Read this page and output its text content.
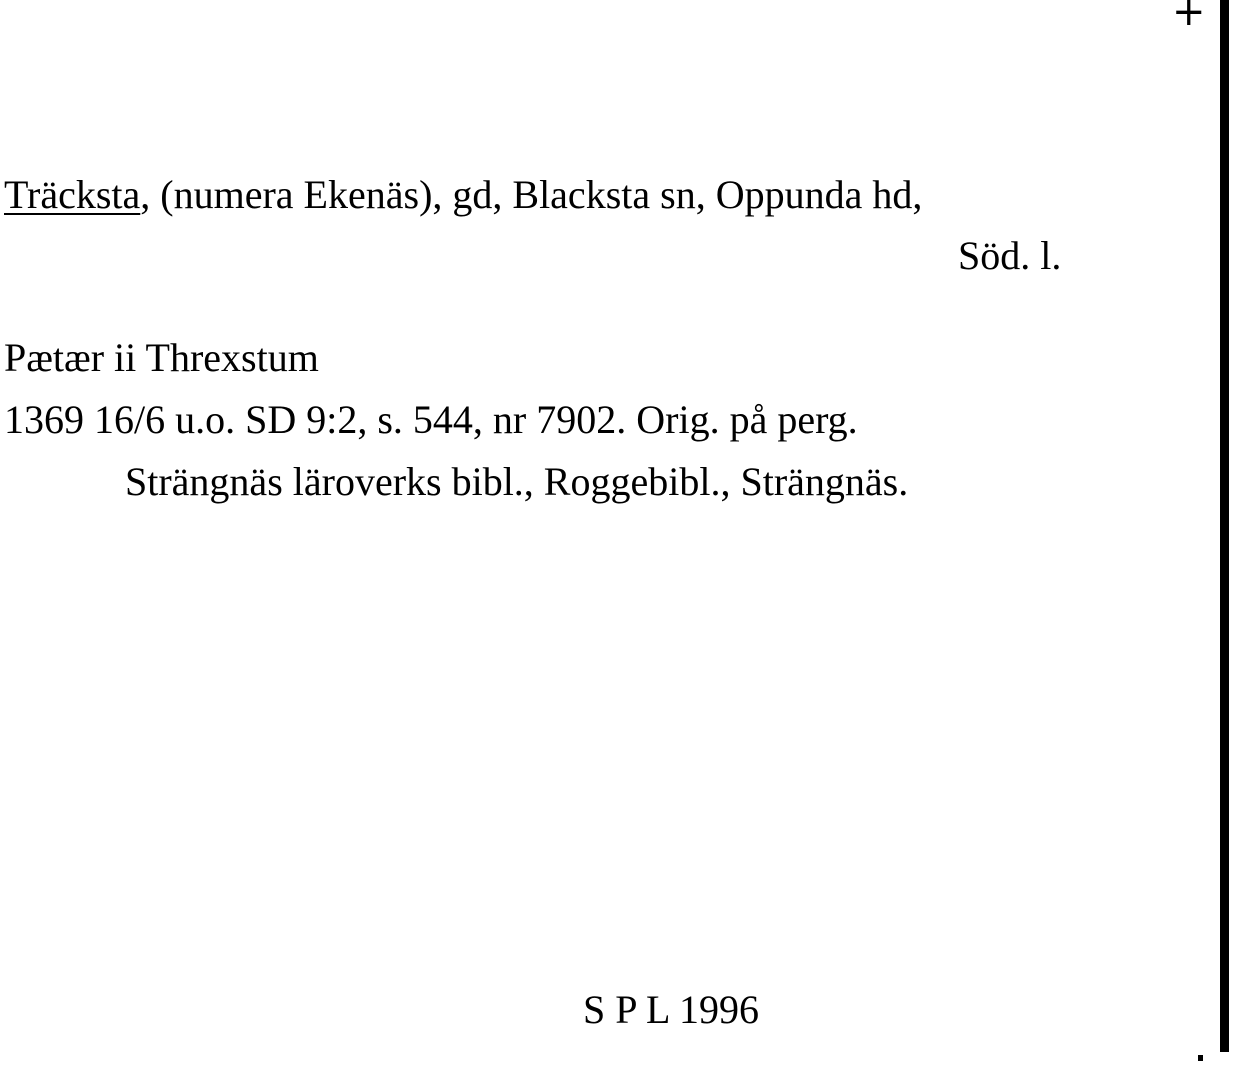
+
Träcksta, (numera Ekenäs), gd, Blacksta sn, Oppunda hd,
Söd. l.
Pætær ii Threxstum
1369 16/6 u.o. SD 9:2, s. 544, nr 7902. Orig. på perg.
Strängnäs läroverks bibl., Roggebibl., Strängnäs.
S P L 1996
